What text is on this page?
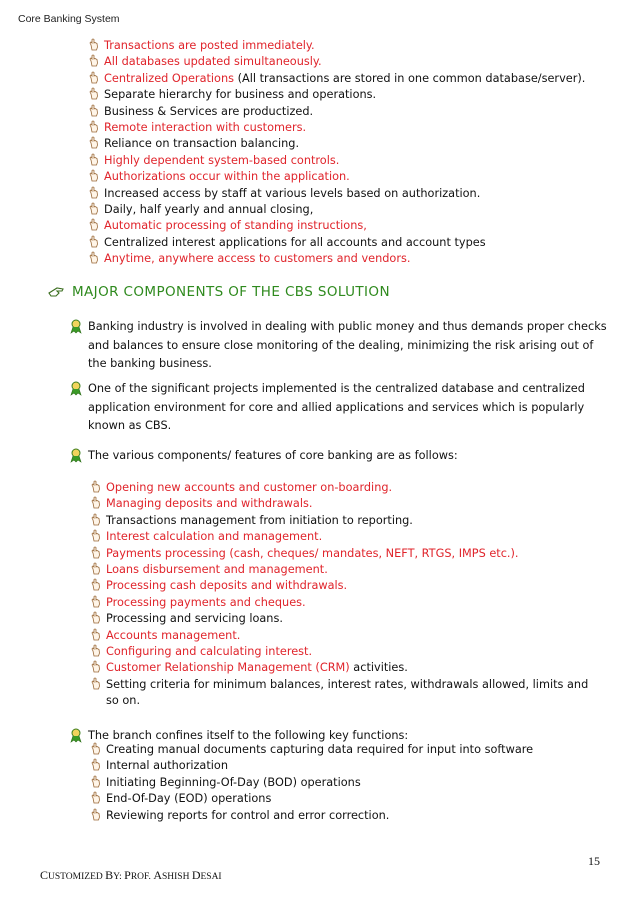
Core Banking System
Transactions are posted immediately.
All databases updated simultaneously.
Centralized Operations (All transactions are stored in one common database/server).
Separate hierarchy for business and operations.
Business & Services are productized.
Remote interaction with customers.
Reliance on transaction balancing.
Highly dependent system-based controls.
Authorizations occur within the application.
Increased access by staff at various levels based on authorization.
Daily, half yearly and annual closing,
Automatic processing of standing instructions,
Centralized interest applications for all accounts and account types
Anytime, anywhere access to customers and vendors.
MAJOR COMPONENTS OF THE CBS SOLUTION
Banking industry is involved in dealing with public money and thus demands proper checks and balances to ensure close monitoring of the dealing, minimizing the risk arising out of the banking business.
One of the significant projects implemented is the centralized database and centralized application environment for core and allied applications and services which is popularly known as CBS.
The various components/ features of core banking are as follows:
Opening new accounts and customer on-boarding.
Managing deposits and withdrawals.
Transactions management from initiation to reporting.
Interest calculation and management.
Payments processing (cash, cheques/ mandates, NEFT, RTGS, IMPS etc.).
Loans disbursement and management.
Processing cash deposits and withdrawals.
Processing payments and cheques.
Processing and servicing loans.
Accounts management.
Configuring and calculating interest.
Customer Relationship Management (CRM) activities.
Setting criteria for minimum balances, interest rates, withdrawals allowed, limits and so on.
The branch confines itself to the following key functions:
Creating manual documents capturing data required for input into software
Internal authorization
Initiating Beginning-Of-Day (BOD) operations
End-Of-Day (EOD) operations
Reviewing reports for control and error correction.
CUSTOMIZED BY: PROF. ASHISH DESAI
15
